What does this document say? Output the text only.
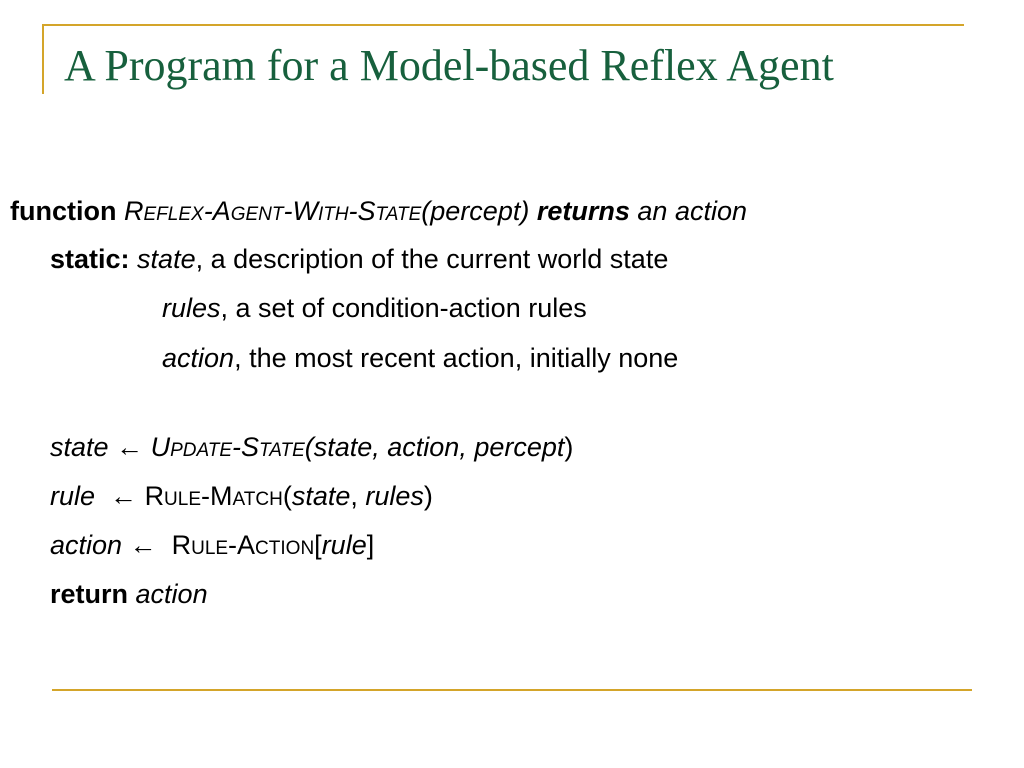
A Program for a Model-based Reflex Agent
function Reflex-Agent-With-State(percept) returns an action
static: state, a description of the current world state
rules, a set of condition-action rules
action, the most recent action, initially none
state ← Update-State(state, action, percept)
rule ← Rule-Match(state, rules)
action ← Rule-Action[rule]
return action
